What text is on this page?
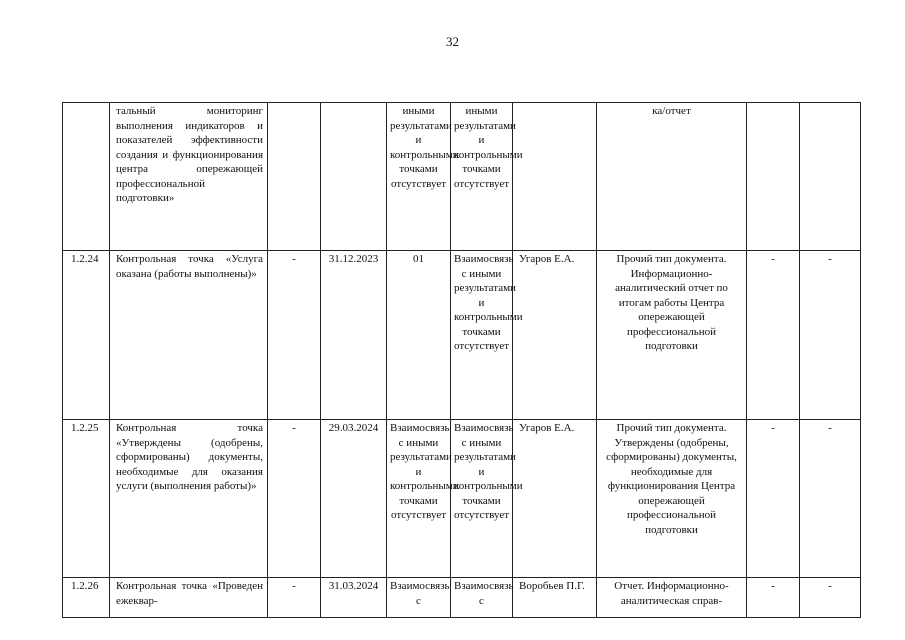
32
	тальный мониторинг выполнения индикаторов и показателей эффективности создания и функционирования центра опережающей профессиональной подготовки»			иными результатами и контрольными точками отсутствует	иными результатами и контрольными точками отсутствует		ка/отчет		
1.2.24	Контрольная точка «Услуга оказана (работы выполнены)»	-	31.12.2023	01	Взаимосвязь с иными результатами и контрольными точками отсутствует	Угаров Е.А.	Прочий тип документа. Информационно-аналитический отчет по итогам работы Центра опережающей профессиональной подготовки	-	-
1.2.25	Контрольная точка «Утверждены (одобрены, сформированы) документы, необходимые для оказания услуги (выполнения работы)»	-	29.03.2024	Взаимосвязь с иными результатами и контрольными точками отсутствует	Взаимосвязь с иными результатами и контрольными точками отсутствует	Угаров Е.А.	Прочий тип документа. Утверждены (одобрены, сформированы) документы, необходимые для функционирования Центра опережающей профессиональной подготовки	-	-
1.2.26	Контрольная точка «Проведен ежеквар-	-	31.03.2024	Взаимосвязь с	Взаимосвязь с	Воробьев П.Г.	Отчет. Информационно-аналитическая справ-	-	-
